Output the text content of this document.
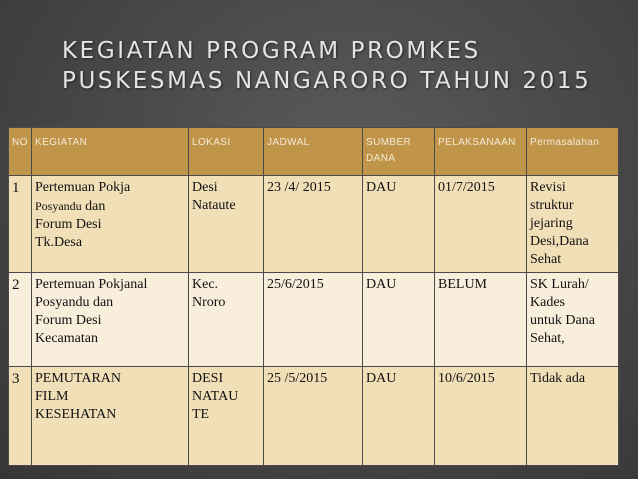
KEGIATAN PROGRAM PROMKES
PUSKESMAS NANGARORO TAHUN 2015
NO	KEGIATAN	LOKASI	JADWAL	SUMBER DANA	PELAKSANAAN	Permasalahan
1	Pertemuan Pokja
Posyandu dan
Forum Desi
Tk.Desa	Desi
Nataute	23 /4/ 2015	DAU	01/7/2015	Revisi
struktur
jejaring
Desi,Dana
Sehat
2	Pertemuan Pokjanal
Posyandu dan
Forum Desi
Kecamatan	Kec.
Nroro	25/6/2015	DAU	BELUM	SK Lurah/
Kades
untuk Dana
Sehat,
3	PEMUTARAN
FILM
KESEHATAN	DESI
NATAU
TE	25 /5/2015	DAU	10/6/2015	Tidak ada
